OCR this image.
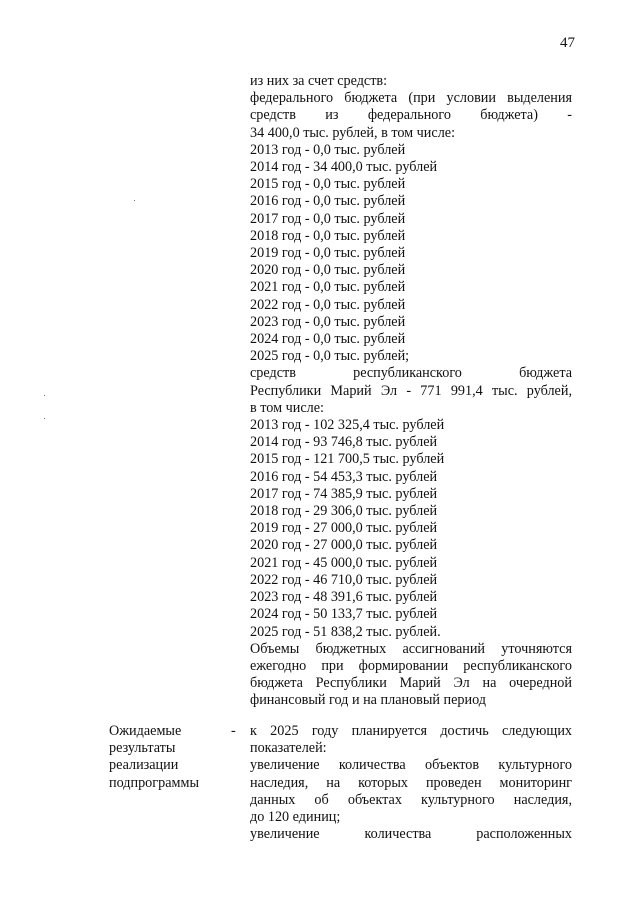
47
из них за счет средств:
федерального бюджета (при условии выделения
средств из федерального бюджета) -
34 400,0 тыс. рублей, в том числе:
2013 год - 0,0 тыс. рублей
2014 год - 34 400,0 тыс. рублей
2015 год - 0,0 тыс. рублей
2016 год - 0,0 тыс. рублей
2017 год - 0,0 тыс. рублей
2018 год - 0,0 тыс. рублей
2019 год - 0,0 тыс. рублей
2020 год - 0,0 тыс. рублей
2021 год - 0,0 тыс. рублей
2022 год - 0,0 тыс. рублей
2023 год - 0,0 тыс. рублей
2024 год - 0,0 тыс. рублей
2025 год - 0,0 тыс. рублей;
средств республиканского бюджета
Республики Марий Эл - 771 991,4 тыс. рублей,
в том числе:
2013 год - 102 325,4 тыс. рублей
2014 год - 93 746,8 тыс. рублей
2015 год - 121 700,5 тыс. рублей
2016 год - 54 453,3 тыс. рублей
2017 год - 74 385,9 тыс. рублей
2018 год - 29 306,0 тыс. рублей
2019 год - 27 000,0 тыс. рублей
2020 год - 27 000,0 тыс. рублей
2021 год - 45 000,0 тыс. рублей
2022 год - 46 710,0 тыс. рублей
2023 год - 48 391,6 тыс. рублей
2024 год - 50 133,7 тыс. рублей
2025 год - 51 838,2 тыс. рублей.
Объемы бюджетных ассигнований уточняются
ежегодно при формировании республиканского
бюджета Республики Марий Эл на очередной
финансовый год и на плановый период
Ожидаемые
результаты
реализации
подпрограммы
- к 2025 году планируется достичь следующих
показателей:
увеличение количества объектов культурного
наследия, на которых проведен мониторинг
данных об объектах культурного наследия,
до 120 единиц;
увеличение количества расположенных
